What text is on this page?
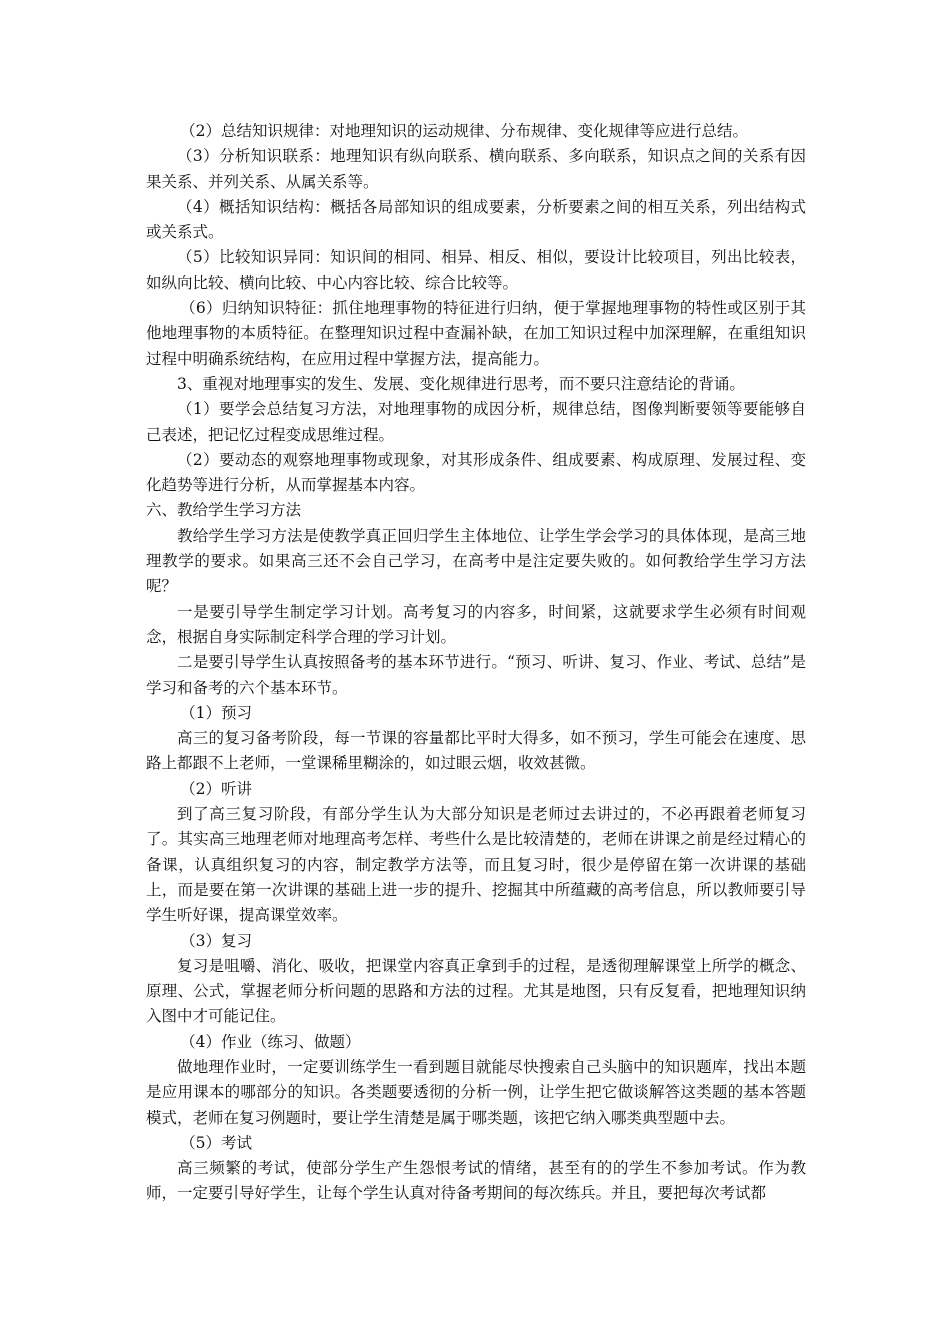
（2）总结知识规律：对地理知识的运动规律、分布规律、变化规律等应进行总结。

（3）分析知识联系：地理知识有纵向联系、横向联系、多向联系，知识点之间的关系有因果关系、并列关系、从属关系等。

（4）概括知识结构：概括各局部知识的组成要素，分析要素之间的相互关系，列出结构式或关系式。

（5）比较知识异同：知识间的相同、相异、相反、相似，要设计比较项目，列出比较表，如纵向比较、横向比较、中心内容比较、综合比较等。

（6）归纳知识特征：抓住地理事物的特征进行归纳，便于掌握地理事物的特性或区别于其他地理事物的本质特征。在整理知识过程中查漏补缺，在加工知识过程中加深理解，在重组知识过程中明确系统结构，在应用过程中掌握方法，提高能力。

3、重视对地理事实的发生、发展、变化规律进行思考，而不要只注意结论的背诵。

（1）要学会总结复习方法，对地理事物的成因分析，规律总结，图像判断要领等要能够自己表述，把记忆过程变成思维过程。

（2）要动态的观察地理事物或现象，对其形成条件、组成要素、构成原理、发展过程、变化趋势等进行分析，从而掌握基本内容。

六、教给学生学习方法

教给学生学习方法是使教学真正回归学生主体地位、让学生学会学习的具体体现，是高三地理教学的要求。如果高三还不会自己学习，在高考中是注定要失败的。如何教给学生学习方法呢？

一是要引导学生制定学习计划。高考复习的内容多，时间紧，这就要求学生必须有时间观念，根据自身实际制定科学合理的学习计划。

二是要引导学生认真按照备考的基本环节进行。“预习、听讲、复习、作业、考试、总结”是学习和备考的六个基本环节。

（1）预习

高三的复习备考阶段，每一节课的容量都比平时大得多，如不预习，学生可能会在速度、思路上都跟不上老师，一堂课稀里糊涂的，如过眼云烟，收效甚微。

（2）听讲

到了高三复习阶段，有部分学生认为大部分知识是老师过去讲过的，不必再跟着老师复习了。其实高三地理老师对地理高考怎样、考些什么是比较清楚的，老师在讲课之前是经过精心的备课，认真组织复习的内容，制定教学方法等，而且复习时，很少是停留在第一次讲课的基础上，而是要在第一次讲课的基础上进一步的提升、挖掘其中所蕴藏的高考信息，所以教师要引导学生听好课，提高课堂效率。

（3）复习

复习是咀嚼、消化、吸收，把课堂内容真正拿到手的过程，是透彻理解课堂上所学的概念、原理、公式，掌握老师分析问题的思路和方法的过程。尤其是地图，只有反复看，把地理知识纳入图中才可能记住。

（4）作业（练习、做题）

做地理作业时，一定要训练学生一看到题目就能尽快搜索自己头脑中的知识题库，找出本题是应用课本的哪部分的知识。各类题要透彻的分析一例，让学生把它做谈解答这类题的基本答题模式，老师在复习例题时，要让学生清楚是属于哪类题，该把它纳入哪类典型题中去。

（5）考试

高三频繁的考试，使部分学生产生怨恨考试的情绪，甚至有的的学生不参加考试。作为教师，一定要引导好学生，让每个学生认真对待备考期间的每次练兵。并且，要把每次考试都
